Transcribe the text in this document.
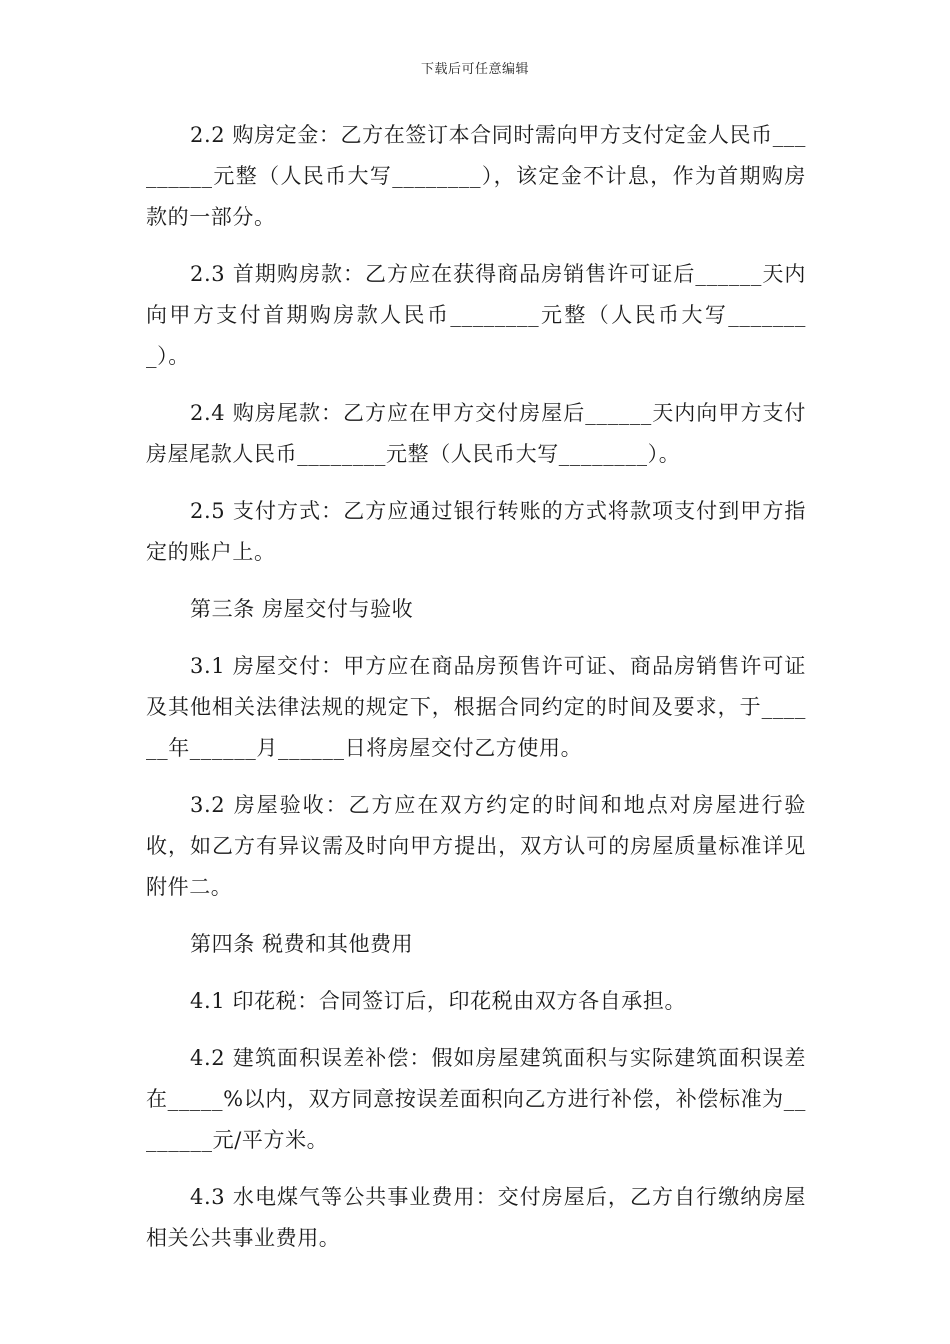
下载后可任意编辑

2.2 购房定金：乙方在签订本合同时需向甲方支付定金人民币_________元整（人民币大写________），该定金不计息，作为首期购房款的一部分。

2.3 首期购房款：乙方应在获得商品房销售许可证后______天内向甲方支付首期购房款人民币________元整（人民币大写________）。

2.4 购房尾款：乙方应在甲方交付房屋后______天内向甲方支付房屋尾款人民币________元整（人民币大写________）。

2.5 支付方式：乙方应通过银行转账的方式将款项支付到甲方指定的账户上。

第三条 房屋交付与验收

3.1 房屋交付：甲方应在商品房预售许可证、商品房销售许可证及其他相关法律法规的规定下，根据合同约定的时间及要求，于______年______月______日将房屋交付乙方使用。

3.2 房屋验收：乙方应在双方约定的时间和地点对房屋进行验收，如乙方有异议需及时向甲方提出，双方认可的房屋质量标准详见附件二。

第四条 税费和其他费用

4.1 印花税：合同签订后，印花税由双方各自承担。

4.2 建筑面积误差补偿：假如房屋建筑面积与实际建筑面积误差在_____%以内，双方同意按误差面积向乙方进行补偿，补偿标准为________元/平方米。

4.3 水电煤气等公共事业费用：交付房屋后，乙方自行缴纳房屋相关公共事业费用。
